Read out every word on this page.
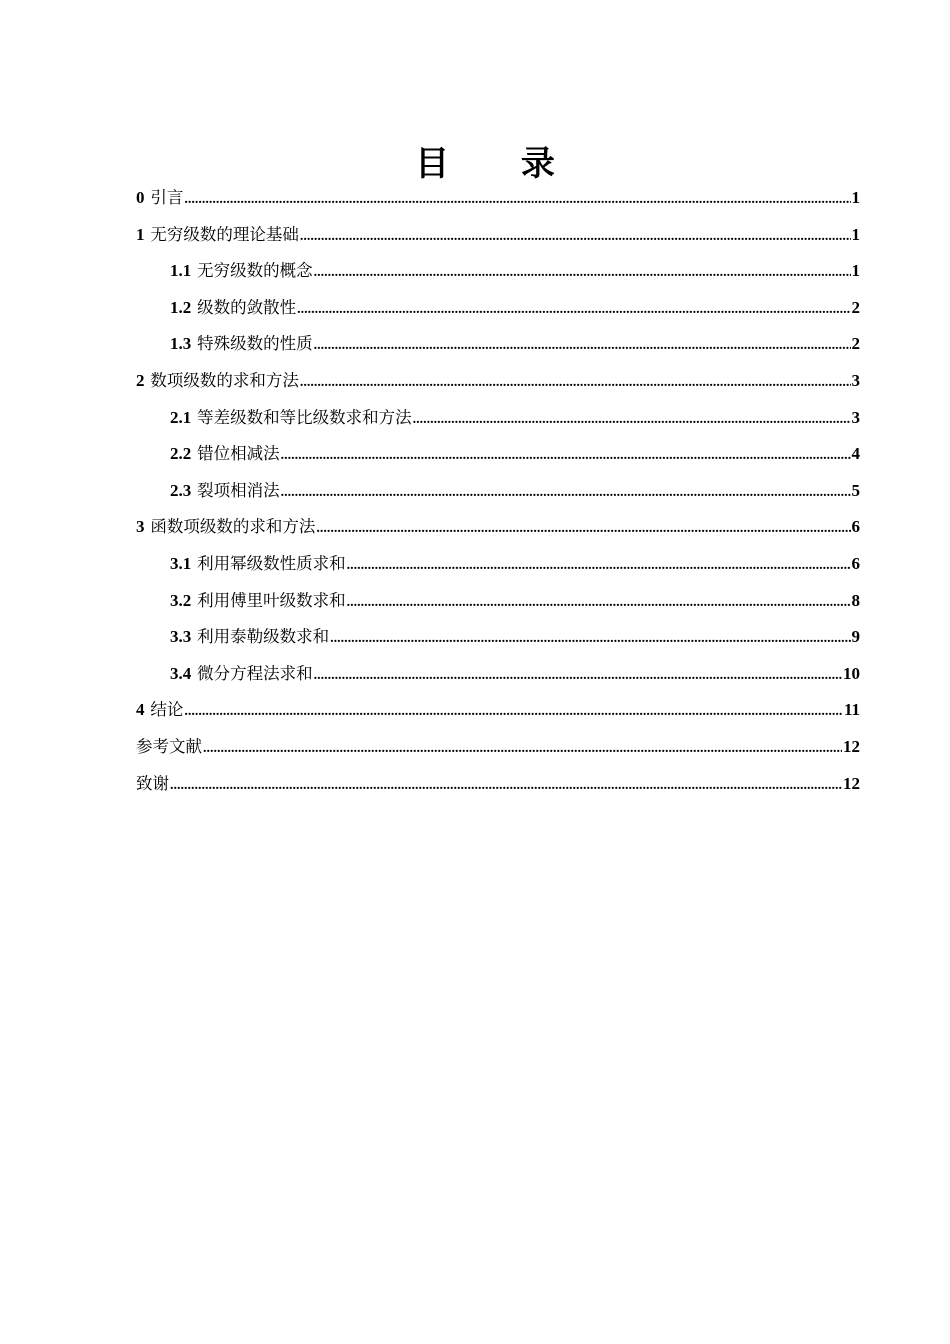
目 录
0 引言 .....	1
1 无穷级数的理论基础 .....	1
1.1 无穷级数的概念 .....	1
1.2 级数的敛散性 .....	2
1.3 特殊级数的性质 .....	2
2 数项级数的求和方法 .....	3
2.1 等差级数和等比级数求和方法 .....	3
2.2 错位相减法 .....	4
2.3 裂项相消法 .....	5
3 函数项级数的求和方法 .....	6
3.1 利用幂级数性质求和 .....	6
3.2 利用傅里叶级数求和 .....	8
3.3 利用泰勒级数求和 .....	9
3.4 微分方程法求和 .....	10
4 结论 .....	11
参考文献 .....	12
致谢 .....	12
